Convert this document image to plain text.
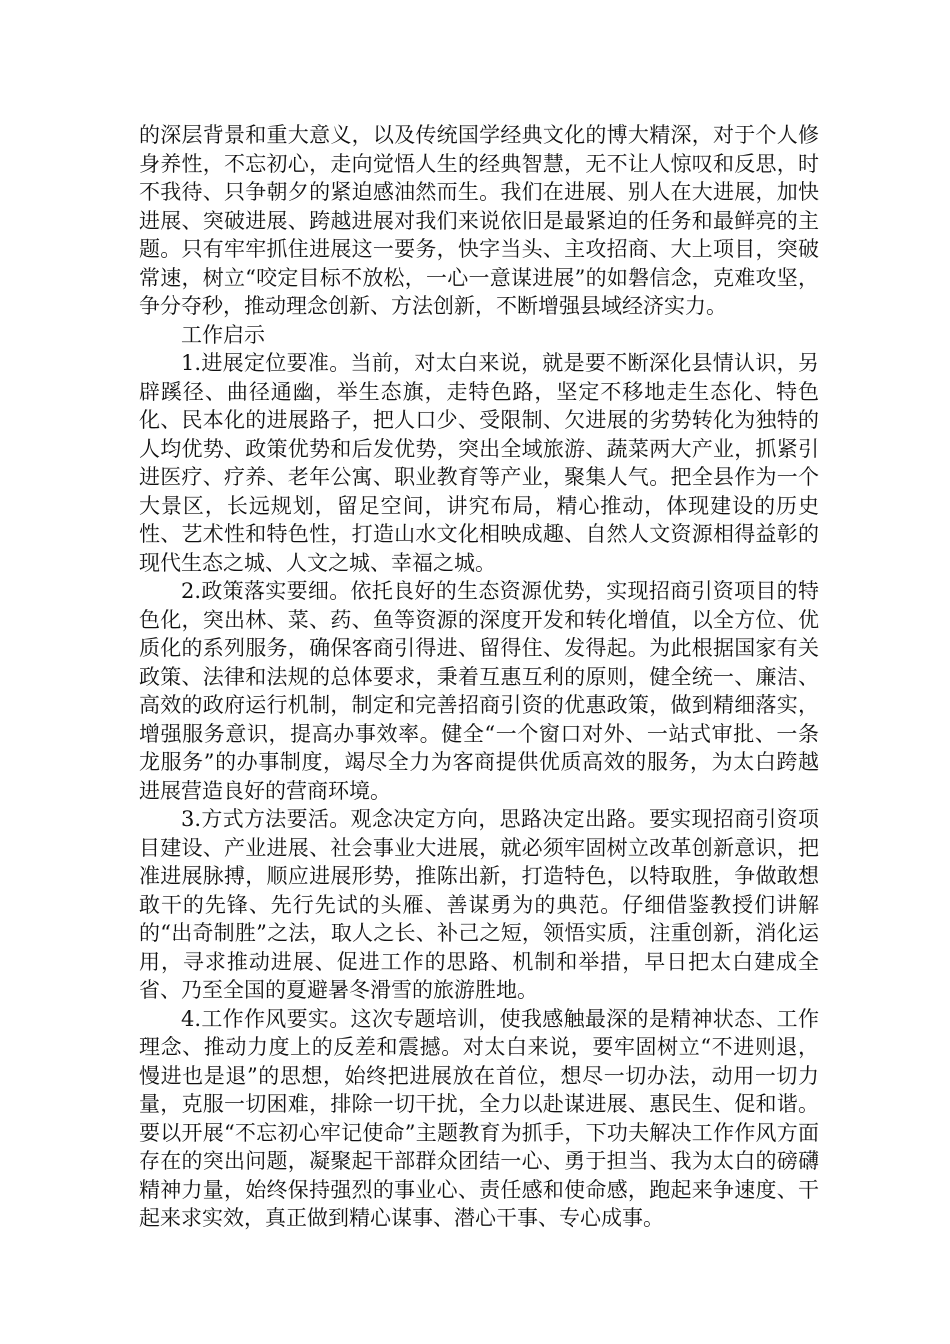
的深层背景和重大意义，以及传统国学经典文化的博大精深，对于个人修身养性，不忘初心，走向觉悟人生的经典智慧，无不让人惊叹和反思，时不我待、只争朝夕的紧迫感油然而生。我们在进展、别人在大进展，加快进展、突破进展、跨越进展对我们来说依旧是最紧迫的任务和最鲜亮的主题。只有牢牢抓住进展这一要务，快字当头、主攻招商、大上项目，突破常速，树立“咬定目标不放松，一心一意谋进展”的如磐信念，克难攻坚，争分夺秒，推动理念创新、方法创新，不断增强县域经济实力。

工作启示

1.进展定位要准。当前，对太白来说，就是要不断深化县情认识，另辟蹊径、曲径通幽，举生态旗，走特色路，坚定不移地走生态化、特色化、民本化的进展路子，把人口少、受限制、欠进展的劣势转化为独特的人均优势、政策优势和后发优势，突出全域旅游、蔬菜两大产业，抓紧引进医疗、疗养、老年公寓、职业教育等产业，聚集人气。把全县作为一个大景区，长远规划，留足空间，讲究布局，精心推动，体现建设的历史性、艺术性和特色性，打造山水文化相映成趣、自然人文资源相得益彰的现代生态之城、人文之城、幸福之城。

2.政策落实要细。依托良好的生态资源优势，实现招商引资项目的特色化，突出林、菜、药、鱼等资源的深度开发和转化增值，以全方位、优质化的系列服务，确保客商引得进、留得住、发得起。为此根据国家有关政策、法律和法规的总体要求，秉着互惠互利的原则，健全统一、廉洁、高效的政府运行机制，制定和完善招商引资的优惠政策，做到精细落实，增强服务意识，提高办事效率。健全“一个窗口对外、一站式审批、一条龙服务”的办事制度，竭尽全力为客商提供优质高效的服务，为太白跨越进展营造良好的营商环境。

3.方式方法要活。观念决定方向，思路决定出路。要实现招商引资项目建设、产业进展、社会事业大进展，就必须牢固树立改革创新意识，把准进展脉搏，顺应进展形势，推陈出新，打造特色，以特取胜，争做敢想敢干的先锋、先行先试的头雁、善谋勇为的典范。仔细借鉴教授们讲解的“出奇制胜”之法，取人之长、补己之短，领悟实质，注重创新，消化运用，寻求推动进展、促进工作的思路、机制和举措，早日把太白建成全省、乃至全国的夏避暑冬滑雪的旅游胜地。

4.工作作风要实。这次专题培训，使我感触最深的是精神状态、工作理念、推动力度上的反差和震撼。对太白来说，要牢固树立“不进则退，慢进也是退”的思想，始终把进展放在首位，想尽一切办法，动用一切力量，克服一切困难，排除一切干扰，全力以赴谋进展、惠民生、促和谐。要以开展“不忘初心牢记使命”主题教育为抓手，下功夫解决工作作风方面存在的突出问题，凝聚起干部群众团结一心、勇于担当、我为太白的磅礴精神力量，始终保持强烈的事业心、责任感和使命感，跑起来争速度、干起来求实效，真正做到精心谋事、潜心干事、专心成事。
